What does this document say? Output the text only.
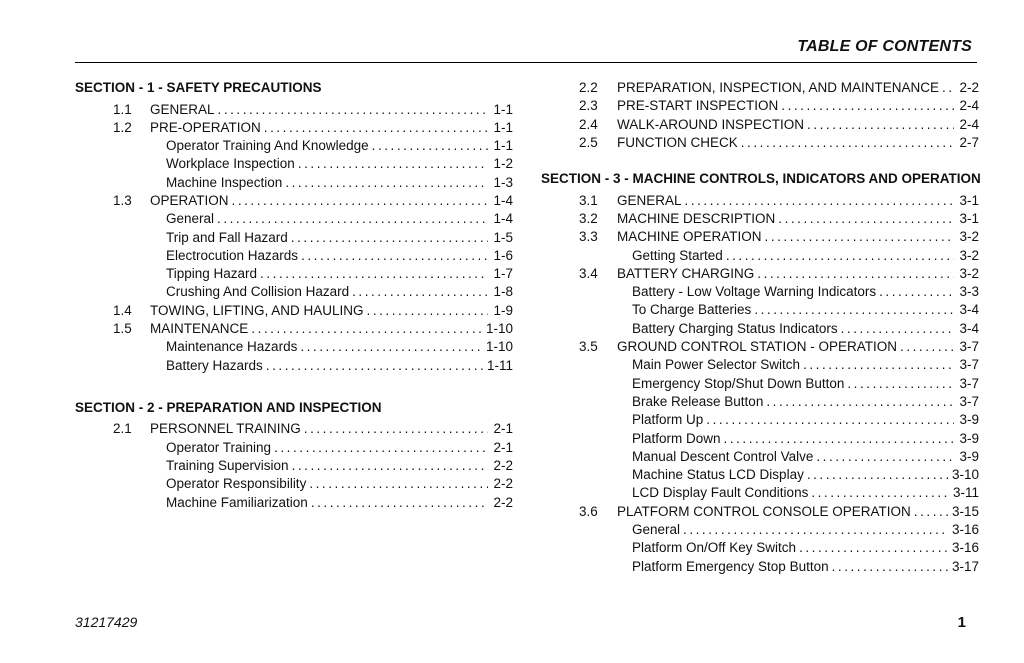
TABLE OF CONTENTS
SECTION - 1 - SAFETY PRECAUTIONS
1.1 GENERAL . . .	1-1
1.2 PRE-OPERATION . . .	1-1
Operator Training And Knowledge . . .	1-1
Workplace Inspection . . .	1-2
Machine Inspection . . .	1-3
1.3 OPERATION . . .	1-4
General . . .	1-4
Trip and Fall Hazard . . .	1-5
Electrocution Hazards . . .	1-6
Tipping Hazard . . .	1-7
Crushing And Collision Hazard . . .	1-8
1.4 TOWING, LIFTING, AND HAULING . . .	1-9
1.5 MAINTENANCE . . .	1-10
Maintenance Hazards . . .	1-10
Battery Hazards . . .	1-11
SECTION - 2 - PREPARATION AND INSPECTION
2.1 PERSONNEL TRAINING . . .	2-1
Operator Training . . .	2-1
Training Supervision . . .	2-2
Operator Responsibility . . .	2-2
Machine Familiarization . . .	2-2
2.2 PREPARATION, INSPECTION, AND MAINTENANCE . . .	2-2
2.3 PRE-START INSPECTION . . .	2-4
2.4 WALK-AROUND INSPECTION . . .	2-4
2.5 FUNCTION CHECK . . .	2-7
SECTION - 3 - MACHINE CONTROLS, INDICATORS AND OPERATION
3.1 GENERAL . . .	3-1
3.2 MACHINE DESCRIPTION . . .	3-1
3.3 MACHINE OPERATION . . .	3-2
Getting Started . . .	3-2
3.4 BATTERY CHARGING . . .	3-2
Battery - Low Voltage Warning Indicators . . .	3-3
To Charge Batteries . . .	3-4
Battery Charging Status Indicators . . .	3-4
3.5 GROUND CONTROL STATION - OPERATION . . .	3-7
Main Power Selector Switch . . .	3-7
Emergency Stop/Shut Down Button . . .	3-7
Brake Release Button . . .	3-7
Platform Up . . .	3-9
Platform Down . . .	3-9
Manual Descent Control Valve . . .	3-9
Machine Status LCD Display . . .	3-10
LCD Display Fault Conditions . . .	3-11
3.6 PLATFORM CONTROL CONSOLE OPERATION . . .	3-15
General . . .	3-16
Platform On/Off Key Switch . . .	3-16
Platform Emergency Stop Button . . .	3-17
31217429	1
